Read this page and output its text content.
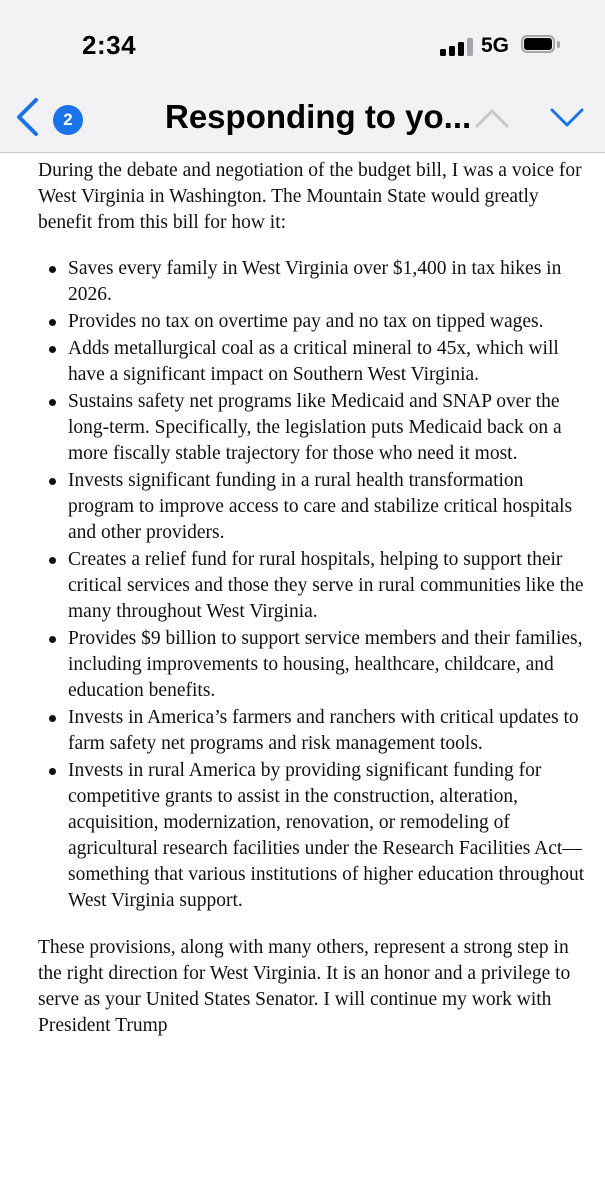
2:34	5G
2	Responding to yo...

During the debate and negotiation of the budget bill, I was a voice for West Virginia in Washington. The Mountain State would greatly benefit from this bill for how it:

Saves every family in West Virginia over $1,400 in tax hikes in 2026.
Provides no tax on overtime pay and no tax on tipped wages.
Adds metallurgical coal as a critical mineral to 45x, which will have a significant impact on Southern West Virginia.
Sustains safety net programs like Medicaid and SNAP over the long-term. Specifically, the legislation puts Medicaid back on a more fiscally stable trajectory for those who need it most.
Invests significant funding in a rural health transformation program to improve access to care and stabilize critical hospitals and other providers.
Creates a relief fund for rural hospitals, helping to support their critical services and those they serve in rural communities like the many throughout West Virginia.
Provides $9 billion to support service members and their families, including improvements to housing, healthcare, childcare, and education benefits.
Invests in America’s farmers and ranchers with critical updates to farm safety net programs and risk management tools.
Invests in rural America by providing significant funding for competitive grants to assist in the construction, alteration, acquisition, modernization, renovation, or remodeling of agricultural research facilities under the Research Facilities Act—something that various institutions of higher education throughout West Virginia support.

These provisions, along with many others, represent a strong step in the right direction for West Virginia. It is an honor and a privilege to serve as your United States Senator. I will continue my work with President Trump
